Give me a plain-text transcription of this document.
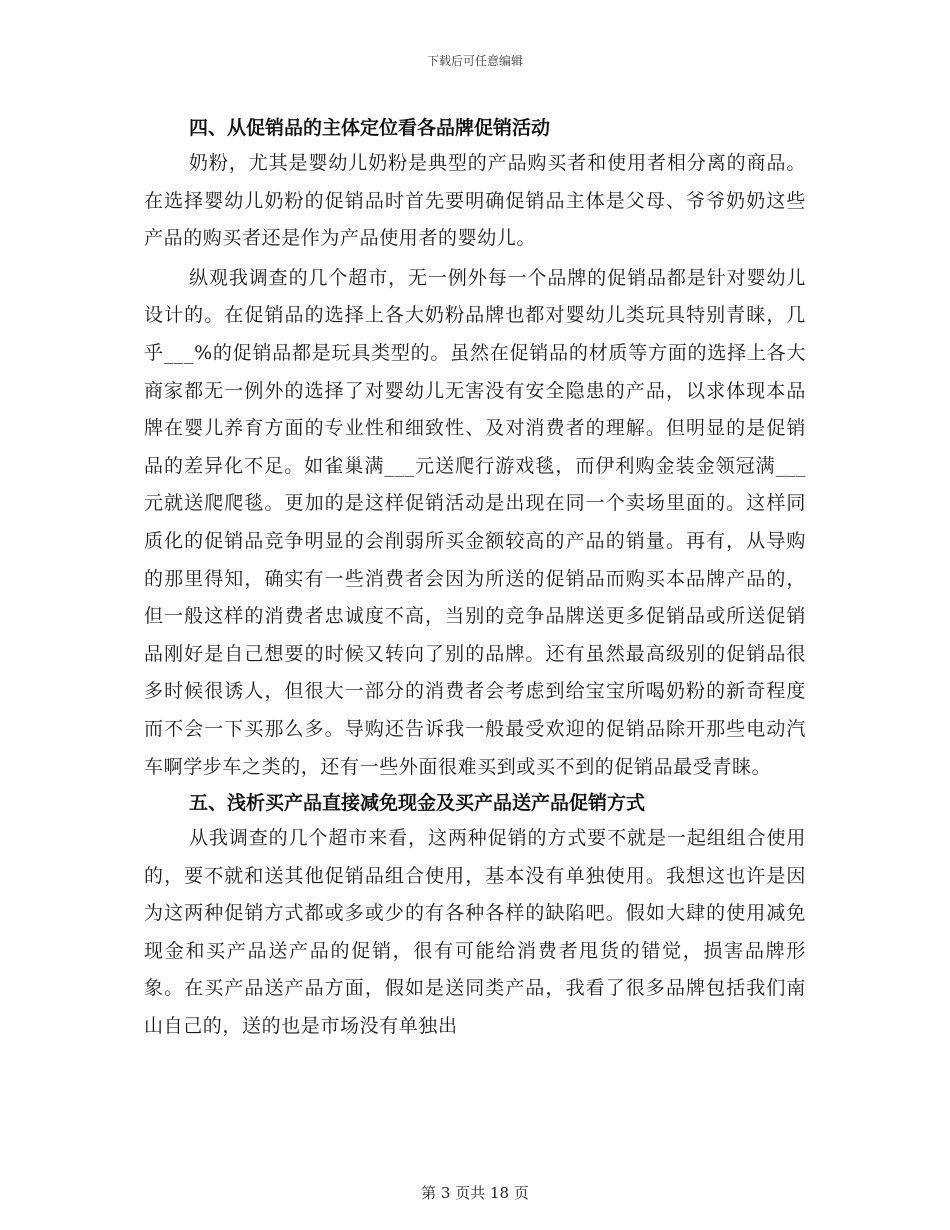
下载后可任意编辑
四、从促销品的主体定位看各品牌促销活动

奶粉，尤其是婴幼儿奶粉是典型的产品购买者和使用者相分离的商品。在选择婴幼儿奶粉的促销品时首先要明确促销品主体是父母、爷爷奶奶这些产品的购买者还是作为产品使用者的婴幼儿。

纵观我调查的几个超市，无一例外每一个品牌的促销品都是针对婴幼儿设计的。在促销品的选择上各大奶粉品牌也都对婴幼儿类玩具特别青睐，几乎___%的促销品都是玩具类型的。虽然在促销品的材质等方面的选择上各大商家都无一例外的选择了对婴幼儿无害没有安全隐患的产品，以求体现本品牌在婴儿养育方面的专业性和细致性、及对消费者的理解。但明显的是促销品的差异化不足。如雀巢满___元送爬行游戏毯，而伊利购金装金领冠满___元就送爬爬毯。更加的是这样促销活动是出现在同一个卖场里面的。这样同质化的促销品竞争明显的会削弱所买金额较高的产品的销量。再有，从导购的那里得知，确实有一些消费者会因为所送的促销品而购买本品牌产品的，但一般这样的消费者忠诚度不高，当别的竞争品牌送更多促销品或所送促销品刚好是自己想要的时候又转向了别的品牌。还有虽然最高级别的促销品很多时候很诱人，但很大一部分的消费者会考虑到给宝宝所喝奶粉的新奇程度而不会一下买那么多。导购还告诉我一般最受欢迎的促销品除开那些电动汽车啊学步车之类的，还有一些外面很难买到或买不到的促销品最受青睐。

五、浅析买产品直接减免现金及买产品送产品促销方式

从我调查的几个超市来看，这两种促销的方式要不就是一起组组合使用的，要不就和送其他促销品组合使用，基本没有单独使用。我想这也许是因为这两种促销方式都或多或少的有各种各样的缺陷吧。假如大肆的使用减免现金和买产品送产品的促销，很有可能给消费者甩货的错觉，损害品牌形象。在买产品送产品方面，假如是送同类产品，我看了很多品牌包括我们南山自己的，送的也是市场没有单独出

第 3 页共 18 页
